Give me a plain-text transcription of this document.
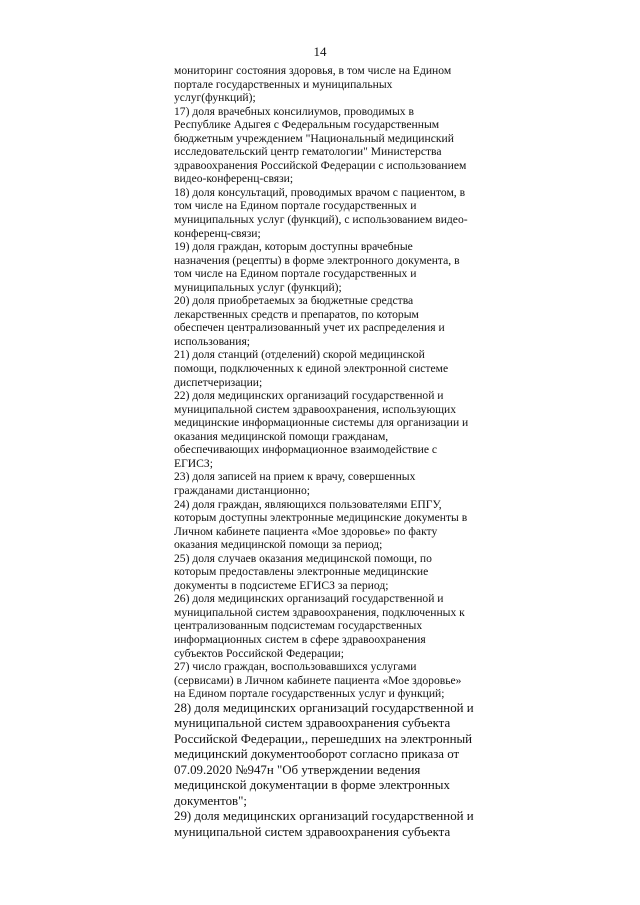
14
мониторинг состояния здоровья, в том числе на Едином
портале государственных и муниципальных
услуг(функций);
17) доля врачебных консилиумов, проводимых в
Республике Адыгея с Федеральным государственным
бюджетным учреждением "Национальный медицинский
исследовательский центр гематологии" Министерства
здравоохранения Российской Федерации с использованием
видео-конференц-связи;
18) доля консультаций, проводимых врачом с пациентом, в
том числе на Едином портале государственных и
муниципальных услуг (функций), с использованием видео-
конференц-связи;
19) доля граждан, которым доступны врачебные
назначения (рецепты) в форме электронного документа, в
том числе на Едином портале государственных и
муниципальных услуг (функций);
20) доля приобретаемых за бюджетные средства
лекарственных средств и препаратов, по которым
обеспечен централизованный учет их распределения и
использования;
21) доля станций (отделений) скорой медицинской
помощи, подключенных к единой электронной системе
диспетчеризации;
22) доля медицинских организаций государственной и
муниципальной систем здравоохранения, использующих
медицинские информационные системы для организации и
оказания медицинской помощи гражданам,
обеспечивающих информационное взаимодействие с
ЕГИСЗ;
23) доля записей на прием к врачу, совершенных
гражданами дистанционно;
24) доля граждан, являющихся пользователями ЕПГУ,
которым доступны электронные медицинские документы в
Личном кабинете пациента «Мое здоровье» по факту
оказания медицинской помощи за период;
25) доля случаев оказания медицинской помощи, по
которым предоставлены электронные медицинские
документы в подсистеме ЕГИСЗ за период;
26) доля медицинских организаций государственной и
муниципальной систем здравоохранения, подключенных к
централизованным подсистемам государственных
информационных систем в сфере здравоохранения
субъектов Российской Федерации;
27) число граждан, воспользовавшихся услугами
(сервисами) в Личном кабинете пациента «Мое здоровье»
на Едином портале государственных услуг и функций;
28) доля медицинских организаций государственной и
муниципальной систем здравоохранения субъекта
Российской Федерации,, перешедших на электронный
медицинский документооборот согласно приказа от
07.09.2020 №947н "Об утверждении ведения
медицинской документации в форме электронных
документов";
29) доля медицинских организаций государственной и
муниципальной систем здравоохранения субъекта
